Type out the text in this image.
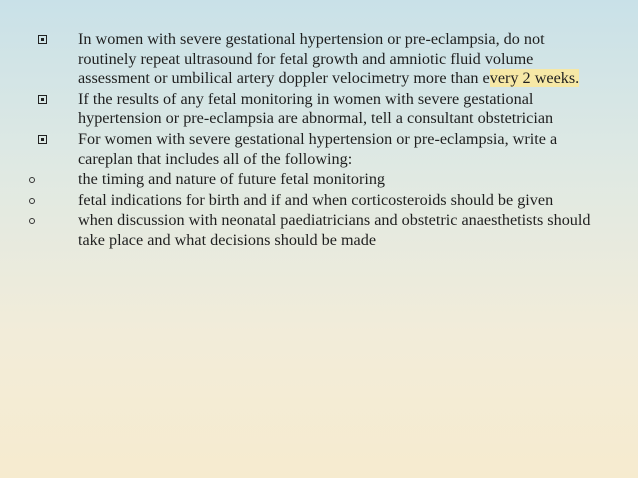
In women with severe gestational hypertension or pre-eclampsia, do not routinely repeat ultrasound for fetal growth and amniotic fluid volume assessment or umbilical artery doppler velocimetry more than every 2 weeks.
If the results of any fetal monitoring in women with severe gestational hypertension or pre-eclampsia are abnormal, tell a consultant obstetrician
For women with severe gestational hypertension or pre-eclampsia, write a careplan that includes all of the following:
the timing and nature of future fetal monitoring
fetal indications for birth and if and when corticosteroids should be given
when discussion with neonatal paediatricians and obstetric anaesthetists should take place and what decisions should be made
